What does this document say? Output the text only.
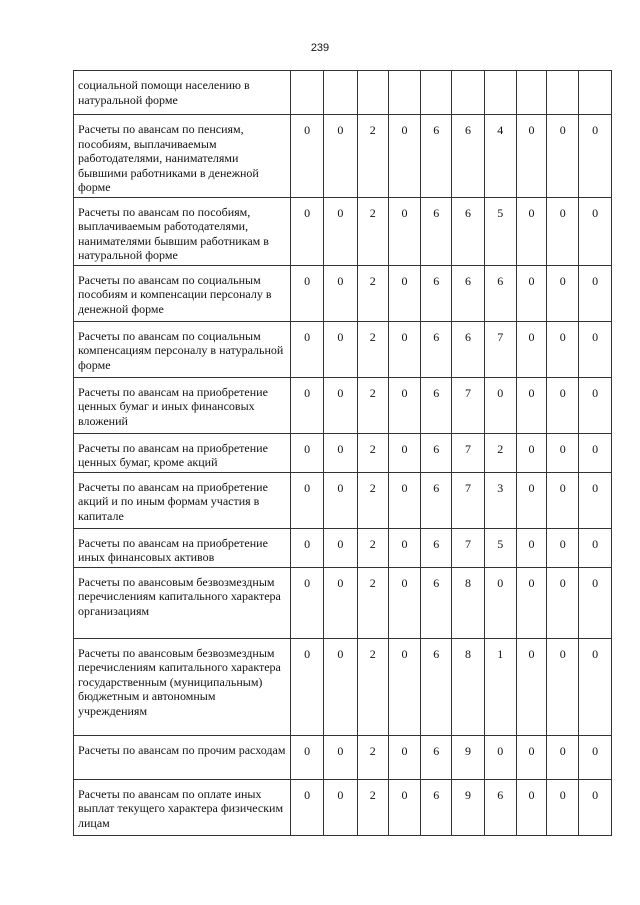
239
социальной помощи населению в натуральной форме										
Расчеты по авансам по пенсиям, пособиям, выплачиваемым работодателями, нанимателями бывшими работниками в денежной форме	0	0	2	0	6	6	4	0	0	0
Расчеты по авансам по пособиям, выплачиваемым работодателями, нанимателями бывшим работникам в натуральной форме	0	0	2	0	6	6	5	0	0	0
Расчеты по авансам по социальным пособиям и компенсации персоналу в денежной форме	0	0	2	0	6	6	6	0	0	0
Расчеты по авансам по социальным компенсациям персоналу в натуральной форме	0	0	2	0	6	6	7	0	0	0
Расчеты по авансам на приобретение ценных бумаг и иных финансовых вложений	0	0	2	0	6	7	0	0	0	0
Расчеты по авансам на приобретение ценных бумаг, кроме акций	0	0	2	0	6	7	2	0	0	0
Расчеты по авансам на приобретение акций и по иным формам участия в капитале	0	0	2	0	6	7	3	0	0	0
Расчеты по авансам на приобретение иных финансовых активов	0	0	2	0	6	7	5	0	0	0
Расчеты по авансовым безвозмездным перечислениям капитального характера организациям	0	0	2	0	6	8	0	0	0	0
Расчеты по авансовым безвозмездным перечислениям капитального характера государственным (муниципальным) бюджетным и автономным учреждениям	0	0	2	0	6	8	1	0	0	0
Расчеты по авансам по прочим расходам	0	0	2	0	6	9	0	0	0	0
Расчеты по авансам по оплате иных выплат текущего характера физическим лицам	0	0	2	0	6	9	6	0	0	0
